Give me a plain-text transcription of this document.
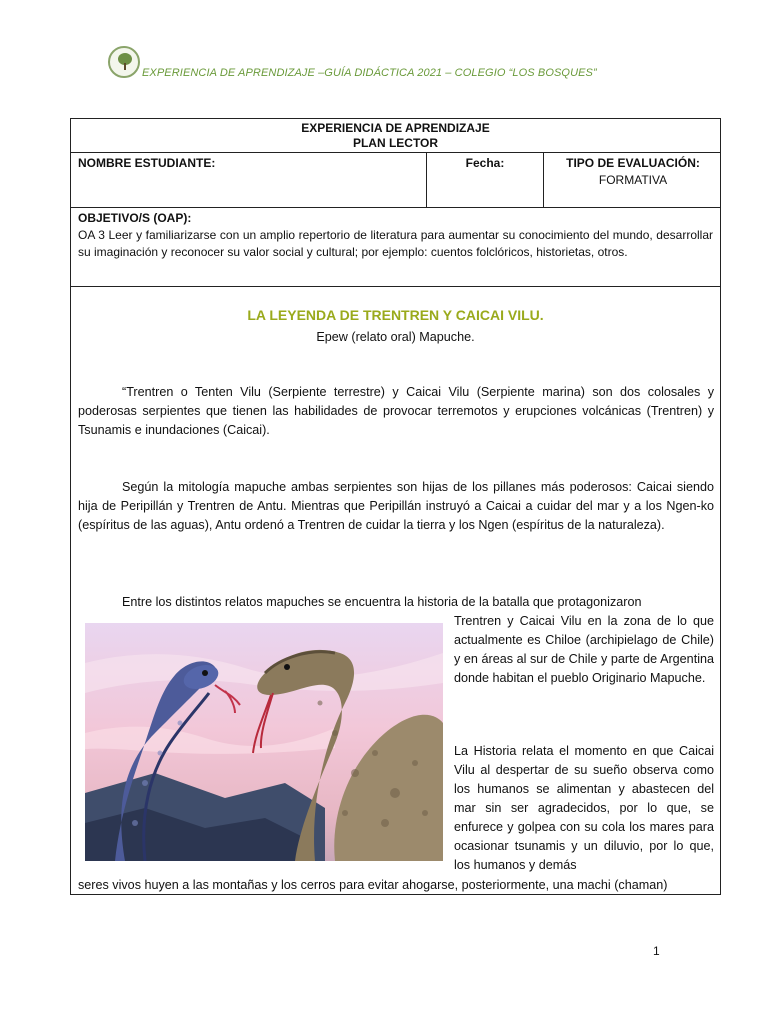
EXPERIENCIA DE APRENDIZAJE –GUÍA DIDÁCTICA 2021 – COLEGIO “LOS BOSQUES”
EXPERIENCIA DE APRENDIZAJE
PLAN LECTOR
NOMBRE ESTUDIANTE:	Fecha:	TIPO DE EVALUACIÓN:
FORMATIVA
OBJETIVO/S (OAP):
OA 3 Leer y familiarizarse con un amplio repertorio de literatura para aumentar su conocimiento del mundo, desarrollar su imaginación y reconocer su valor social y cultural; por ejemplo: cuentos folclóricos, historietas, otros.
LA LEYENDA DE TRENTREN Y CAICAI VILU.
Epew (relato oral) Mapuche.
“Trentren o Tenten Vilu (Serpiente terrestre) y Caicai Vilu (Serpiente marina) son dos colosales y poderosas serpientes que tienen las habilidades de provocar terremotos y erupciones volcánicas (Trentren) y Tsunamis e inundaciones (Caicai).
Según la mitología mapuche ambas serpientes son hijas de los pillanes más poderosos: Caicai siendo hija de Peripillán y Trentren de Antu. Mientras que Peripillán instruyó a Caicai a cuidar del mar y a los Ngen-ko (espíritus de las aguas), Antu ordenó a Trentren de cuidar la tierra y los Ngen (espíritus de la naturaleza).
Entre los distintos relatos mapuches se encuentra la historia de la batalla que protagonizaron
Trentren y Caicai Vilu en la zona de lo que actualmente es Chiloe (archipielago de Chile) y en áreas al sur de Chile y parte de Argentina donde habitan el pueblo Originario Mapuche.
La Historia relata el momento en que Caicai Vilu al despertar de su sueño observa como los humanos se alimentan y abastecen del mar sin ser agradecidos, por lo que, se enfurece y golpea con su cola los mares para ocasionar tsunamis y un diluvio, por lo que, los humanos y demás
seres vivos huyen a las montañas y los cerros para evitar ahogarse, posteriormente, una machi (chaman)
1
